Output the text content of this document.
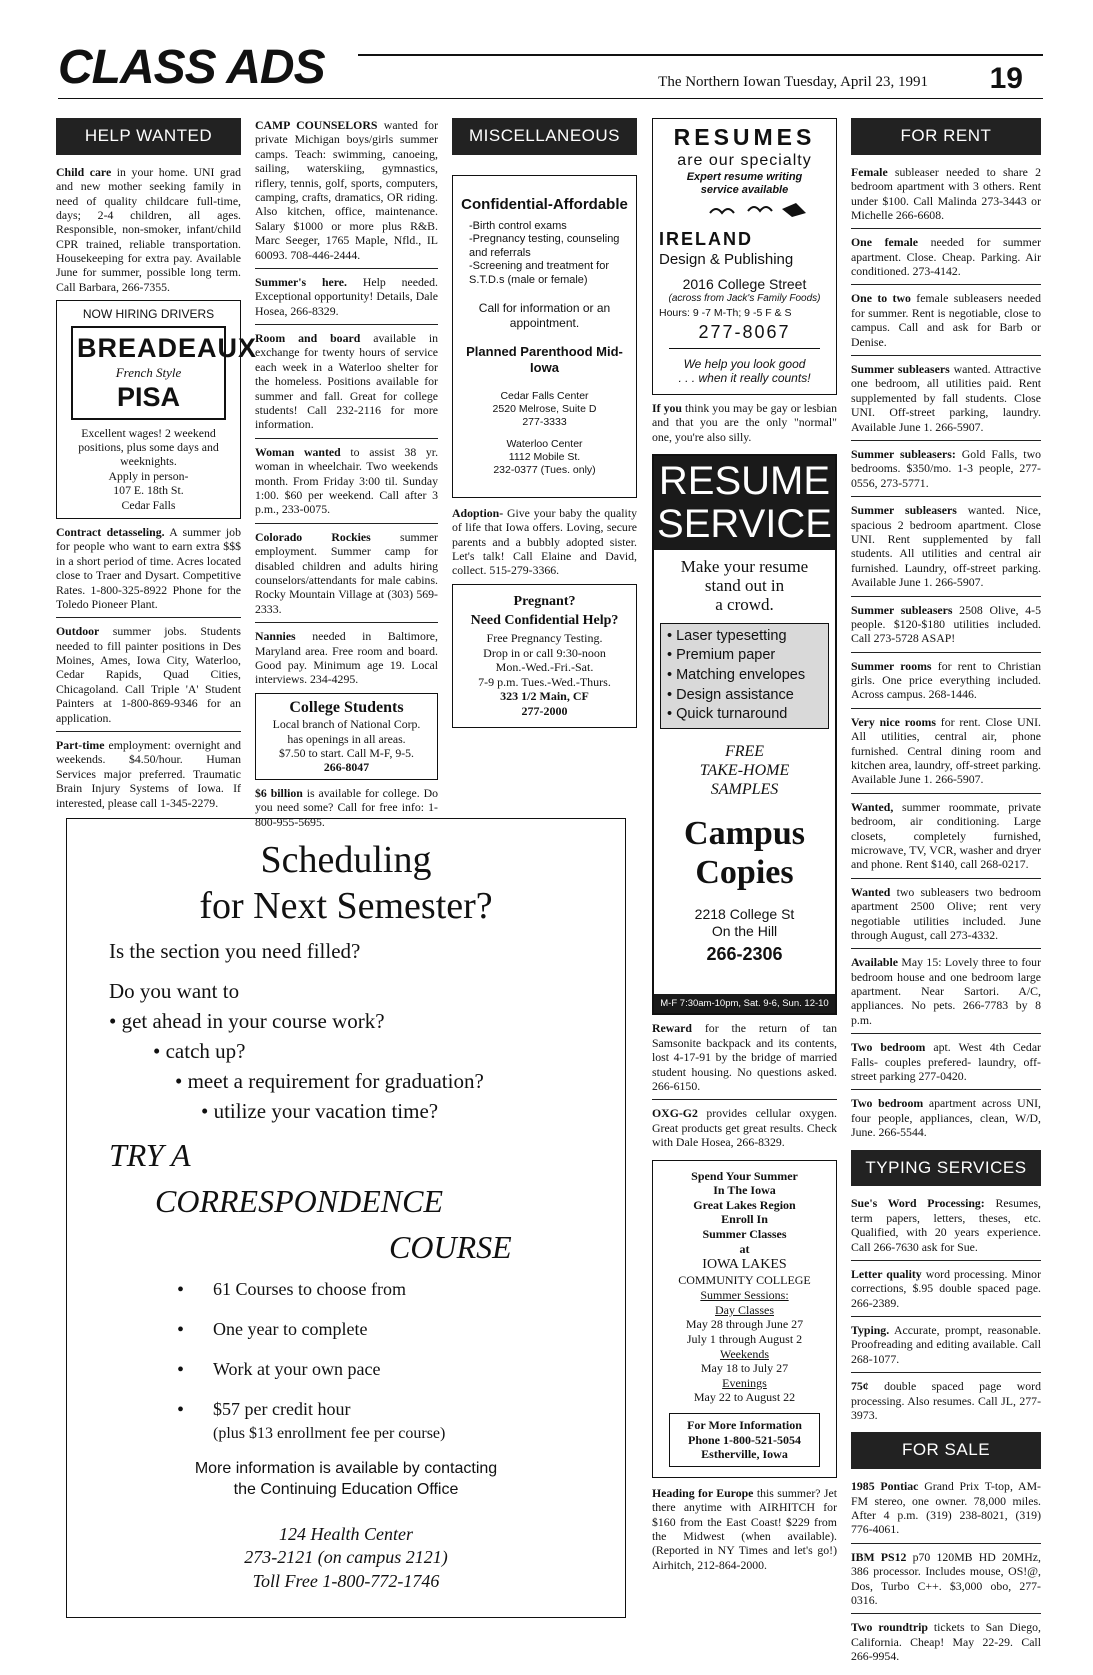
CLASS ADS	The Northern Iowan Tuesday, April 23, 1991 19
HELP WANTED

Child care in your home. UNI grad and new mother seeking family in need of quality childcare full-time, days; 2-4 children, all ages. Responsible, non-smoker, infant/child CPR trained, reliable transportation. Housekeeping for extra pay. Available June for summer, possible long term. Call Barbara, 266-7355.

NOW HIRING DRIVERS
BREADEAUX
French Style
PISA
Excellent wages! 2 weekend positions, plus some days and weeknights.
Apply in person-
107 E. 18th St.
Cedar Falls

Contract detasseling. A summer job for people who want to earn extra $$$ in a short period of time. Acres located close to Traer and Dysart. Competitive Rates. 1-800-325-8922 Phone for the Toledo Pioneer Plant.

Outdoor summer jobs. Students needed to fill painter positions in Des Moines, Ames, Iowa City, Waterloo, Cedar Rapids, Quad Cities, Chicagoland. Call Triple 'A' Student Painters at 1-800-869-9346 for an application.

Part-time employment: overnight and weekends. $4.50/hour. Human Services major preferred. Traumatic Brain Injury Systems of Iowa. If interested, please call 1-345-2279.

CAMP COUNSELORS wanted for private Michigan boys/girls summer camps. Teach: swimming, canoeing, sailing, waterskiing, gymnastics, riflery, tennis, golf, sports, computers, camping, crafts, dramatics, OR riding. Also kitchen, office, maintenance. Salary $1000 or more plus R&B. Marc Seeger, 1765 Maple, Nfld., IL 60093. 708-446-2444.

Summer's here. Help needed. Exceptional opportunity! Details, Dale Hosea, 266-8329.

Room and board available in exchange for twenty hours of service each week in a Waterloo shelter for the homeless. Positions available for summer and fall. Great for college students! Call 232-2116 for more information.

Woman wanted to assist 38 yr. woman in wheelchair. Two weekends month. From Friday 3:00 til. Sunday 1:00. $60 per weekend. Call after 3 p.m., 233-0075.

Colorado Rockies summer employment. Summer camp for disabled children and adults hiring counselors/attendants for male cabins. Rocky Mountain Village at (303) 569-2333.

Nannies needed in Baltimore, Maryland area. Free room and board. Good pay. Minimum age 19. Local interviews. 234-4295.

College Students
Local branch of National Corp.
has openings in all areas.
$7.50 to start. Call M-F, 9-5.
266-8047

$6 billion is available for college. Do you need some? Call for free info: 1-800-955-5695.

MISCELLANEOUS
Confidential-Affordable
-Birth control exams
-Pregnancy testing, counseling and referrals
-Screening and treatment for S.T.D.s (male or female)
Call for information or an appointment.
Planned Parenthood Mid-Iowa
Cedar Falls Center
2520 Melrose, Suite D
277-3333
Waterloo Center
1112 Mobile St.
232-0377 (Tues. only)

Adoption- Give your baby the quality of life that Iowa offers. Loving, secure parents and a bubbly adopted sister. Let's talk! Call Elaine and David, collect. 515-279-3366.

Pregnant?
Need Confidential Help?
Free Pregnancy Testing.
Drop in or call 9:30-noon
Mon.-Wed.-Fri.-Sat.
7-9 p.m. Tues.-Wed.-Thurs.
323 1/2 Main, CF
277-2000
RESUMES
are our specialty
Expert resume writing
service available
IRELAND
Design & Publishing
2016 College Street
(across from Jack's Family Foods)
Hours: 9 -7 M-Th; 9 -5 F & S
277-8067
We help you look good
. . . when it really counts!

If you think you may be gay or lesbian and that you are the only "normal" one, you're also silly.

RESUME
SERVICE
Make your resume
stand out in
a crowd.
• Laser typesetting
• Premium paper
• Matching envelopes
• Design assistance
• Quick turnaround
FREE
TAKE-HOME
SAMPLES
Campus
Copies
2218 College St
On the Hill
266-2306
M-F 7:30am-10pm, Sat. 9-6, Sun. 12-10

Reward for the return of tan Samsonite backpack and its contents, lost 4-17-91 by the bridge of married student housing. No questions asked. 266-6150.

OXG-G2 provides cellular oxygen. Great products get great results. Check with Dale Hosea, 266-8329.

Spend Your Summer
In The Iowa
Great Lakes Region
Enroll In
Summer Classes
at
IOWA LAKES
COMMUNITY COLLEGE
Summer Sessions:
Day Classes
May 28 through June 27
July 1 through August 2
Weekends
May 18 to July 27
Evenings
May 22 to August 22
For More Information
Phone 1-800-521-5054
Estherville, Iowa

Heading for Europe this summer? Jet there anytime with AIRHITCH for $160 from the East Coast! $229 from the Midwest (when available). (Reported in NY Times and let's go!) Airhitch, 212-864-2000.

FOR RENT

Female subleaser needed to share 2 bedroom apartment with 3 others. Rent under $100. Call Malinda 273-3443 or Michelle 266-6608.

One female needed for summer apartment. Close. Cheap. Parking. Air conditioned. 273-4142.

One to two female subleasers needed for summer. Rent is negotiable, close to campus. Call and ask for Barb or Denise.

Summer subleasers wanted. Attractive one bedroom, all utilities paid. Rent supplemented by fall students. Close UNI. Off-street parking, laundry. Available June 1. 266-5907.

Summer subleasers: Gold Falls, two bedrooms. $350/mo. 1-3 people, 277-0556, 273-5771.

Summer subleasers wanted. Nice, spacious 2 bedroom apartment. Close UNI. Rent supplemented by fall students. All utilities and central air furnished. Laundry, off-street parking. Available June 1. 266-5907.

Summer subleasers 2508 Olive, 4-5 people. $120-$180 utilities included. Call 273-5728 ASAP!

Summer rooms for rent to Christian girls. One price everything included. Across campus. 268-1446.

Very nice rooms for rent. Close UNI. All utilities, central air, phone furnished. Central dining room and kitchen area, laundry, off-street parking. Available June 1. 266-5907.

Wanted, summer roommate, private bedroom, air conditioning. Large closets, completely furnished, microwave, TV, VCR, washer and dryer and phone. Rent $140, call 268-0217.

Wanted two subleasers two bedroom apartment 2500 Olive; rent very negotiable utilities included. June through August, call 273-4332.

Available May 15: Lovely three to four bedroom house and one bedroom large apartment. Near Sartori. A/C, appliances. No pets. 266-7783 by 8 p.m.

Two bedroom apt. West 4th Cedar Falls- couples prefered- laundry, off-street parking 277-0420.

Two bedroom apartment across UNI, four people, appliances, clean, W/D, June. 266-5544.

TYPING SERVICES

Sue's Word Processing: Resumes, term papers, letters, theses, etc. Qualified, with 20 years experience. Call 266-7630 ask for Sue.

Letter quality word processing. Minor corrections, $.95 double spaced page. 266-2389.

Typing. Accurate, prompt, reasonable. Proofreading and editing available. Call 268-1077.

75¢ double spaced page word processing. Also resumes. Call JL, 277-3973.

FOR SALE

1985 Pontiac Grand Prix T-top, AM-FM stereo, one owner. 78,000 miles. After 4 p.m. (319) 238-8021, (319) 776-4061.

IBM PS12 p70 120MB HD 20MHz, 386 processor. Includes mouse, OS!@, Dos, Turbo C++. $3,000 obo, 277-0316.

Two roundtrip tickets to San Diego, California. Cheap! May 22-29. Call 266-9954.

Scheduling
for Next Semester?
Is the section you need filled?
Do you want to
• get ahead in your course work?
• catch up?
• meet a requirement for graduation?
• utilize your vacation time?
TRY A
CORRESPONDENCE
COURSE
• 61 Courses to choose from
• One year to complete
• Work at your own pace
• $57 per credit hour
(plus $13 enrollment fee per course)
More information is available by contacting
the Continuing Education Office
124 Health Center
273-2121 (on campus 2121)
Toll Free 1-800-772-1746
